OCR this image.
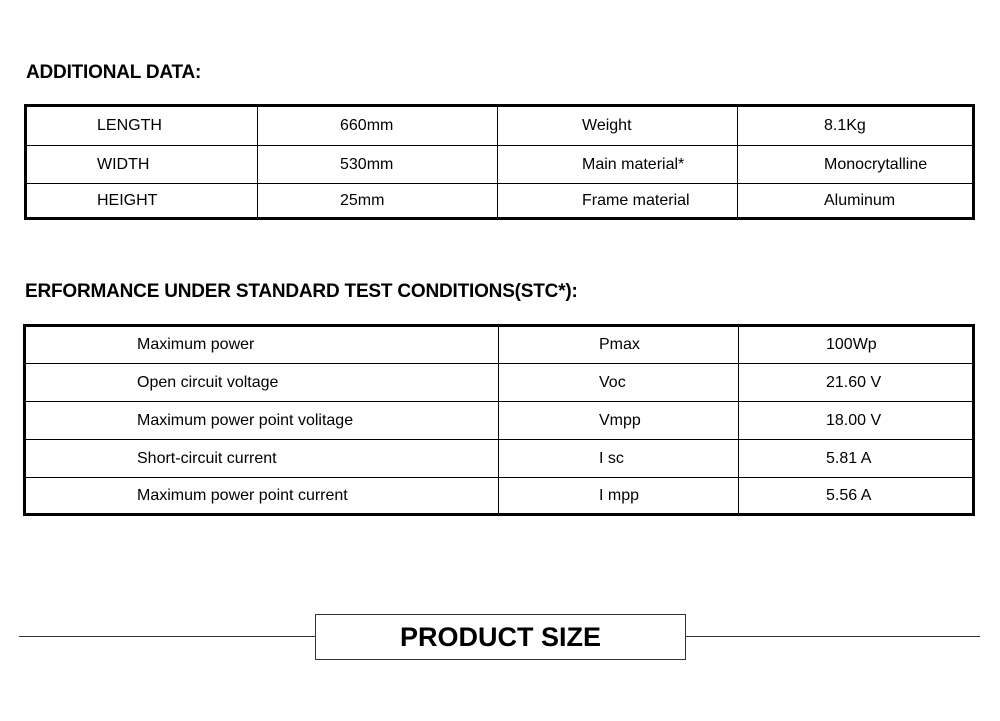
ADDITIONAL DATA:
LENGTH	660mm	Weight	8.1Kg
WIDTH	530mm	Main material*	Monocrytalline
HEIGHT	25mm	Frame material	Aluminum
ERFORMANCE UNDER STANDARD TEST CONDITIONS(STC*):
Maximum power	Pmax	100Wp
Open circuit voltage	Voc	21.60 V
Maximum power point volitage	Vmpp	18.00 V
Short-circuit current	I sc	5.81 A
Maximum power point current	I mpp	5.56 A
PRODUCT SIZE
